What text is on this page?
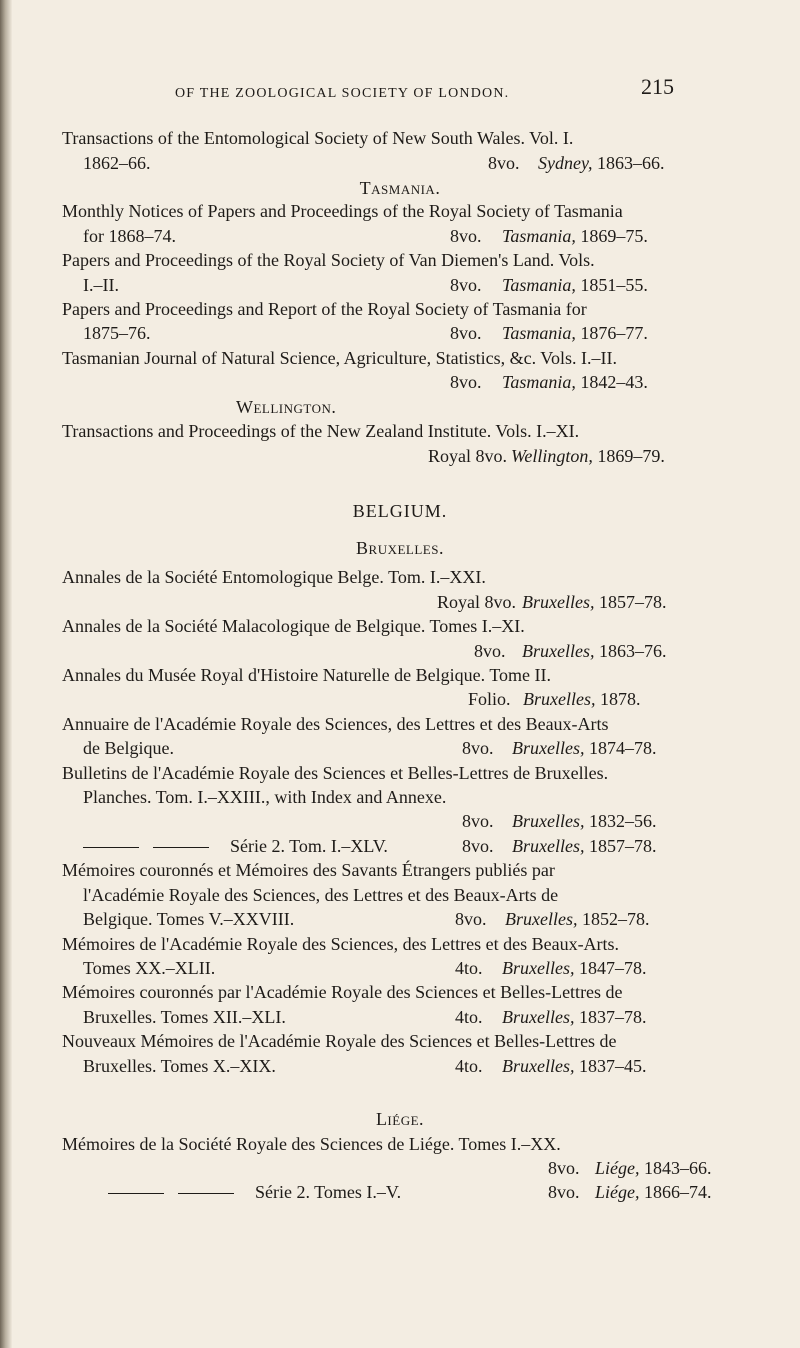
OF THE ZOOLOGICAL SOCIETY OF LONDON.	215
Transactions of the Entomological Society of New South Wales. Vol. I.
1862–66.	8vo. Sydney, 1863–66.
Tasmania.
Monthly Notices of Papers and Proceedings of the Royal Society of Tasmania
for 1868–74.	8vo. Tasmania, 1869–75.
Papers and Proceedings of the Royal Society of Van Diemen's Land. Vols.
I.–II.	8vo. Tasmania, 1851–55.
Papers and Proceedings and Report of the Royal Society of Tasmania for
1875–76.	8vo. Tasmania, 1876–77.
Tasmanian Journal of Natural Science, Agriculture, Statistics, &c. Vols. I.–II.
8vo. Tasmania, 1842–43.
Wellington.
Transactions and Proceedings of the New Zealand Institute. Vols. I.–XI.
Royal 8vo. Wellington, 1869–79.
BELGIUM.
Bruxelles.
Annales de la Société Entomologique Belge. Tom. I.–XXI.
Royal 8vo. Bruxelles, 1857–78.
Annales de la Société Malacologique de Belgique. Tomes I.–XI.
8vo. Bruxelles, 1863–76.
Annales du Musée Royal d'Histoire Naturelle de Belgique. Tome II.
Folio. Bruxelles, 1878.
Annuaire de l'Académie Royale des Sciences, des Lettres et des Beaux-Arts
de Belgique.	8vo. Bruxelles, 1874–78.
Bulletins de l'Académie Royale des Sciences et Belles-Lettres de Bruxelles.
Planches. Tom. I.–XXIII., with Index and Annexe.
8vo. Bruxelles, 1832–56.

Série 2. Tom. I.–XLV.	8vo. Bruxelles, 1857–78.
Mémoires couronnés et Mémoires des Savants Étrangers publiés par
l'Académie Royale des Sciences, des Lettres et des Beaux-Arts de
Belgique. Tomes V.–XXVIII.	8vo. Bruxelles, 1852–78.
Mémoires de l'Académie Royale des Sciences, des Lettres et des Beaux-Arts.
Tomes XX.–XLII.	4to. Bruxelles, 1847–78.
Mémoires couronnés par l'Académie Royale des Sciences et Belles-Lettres de
Bruxelles. Tomes XII.–XLI.	4to. Bruxelles, 1837–78.
Nouveaux Mémoires de l'Académie Royale des Sciences et Belles-Lettres de
Bruxelles. Tomes X.–XIX.	4to. Bruxelles, 1837–45.
Liége.
Mémoires de la Société Royale des Sciences de Liége. Tomes I.–XX.
8vo. Liége, 1843–66.

Série 2. Tomes I.–V.	8vo. Liége, 1866–74.
